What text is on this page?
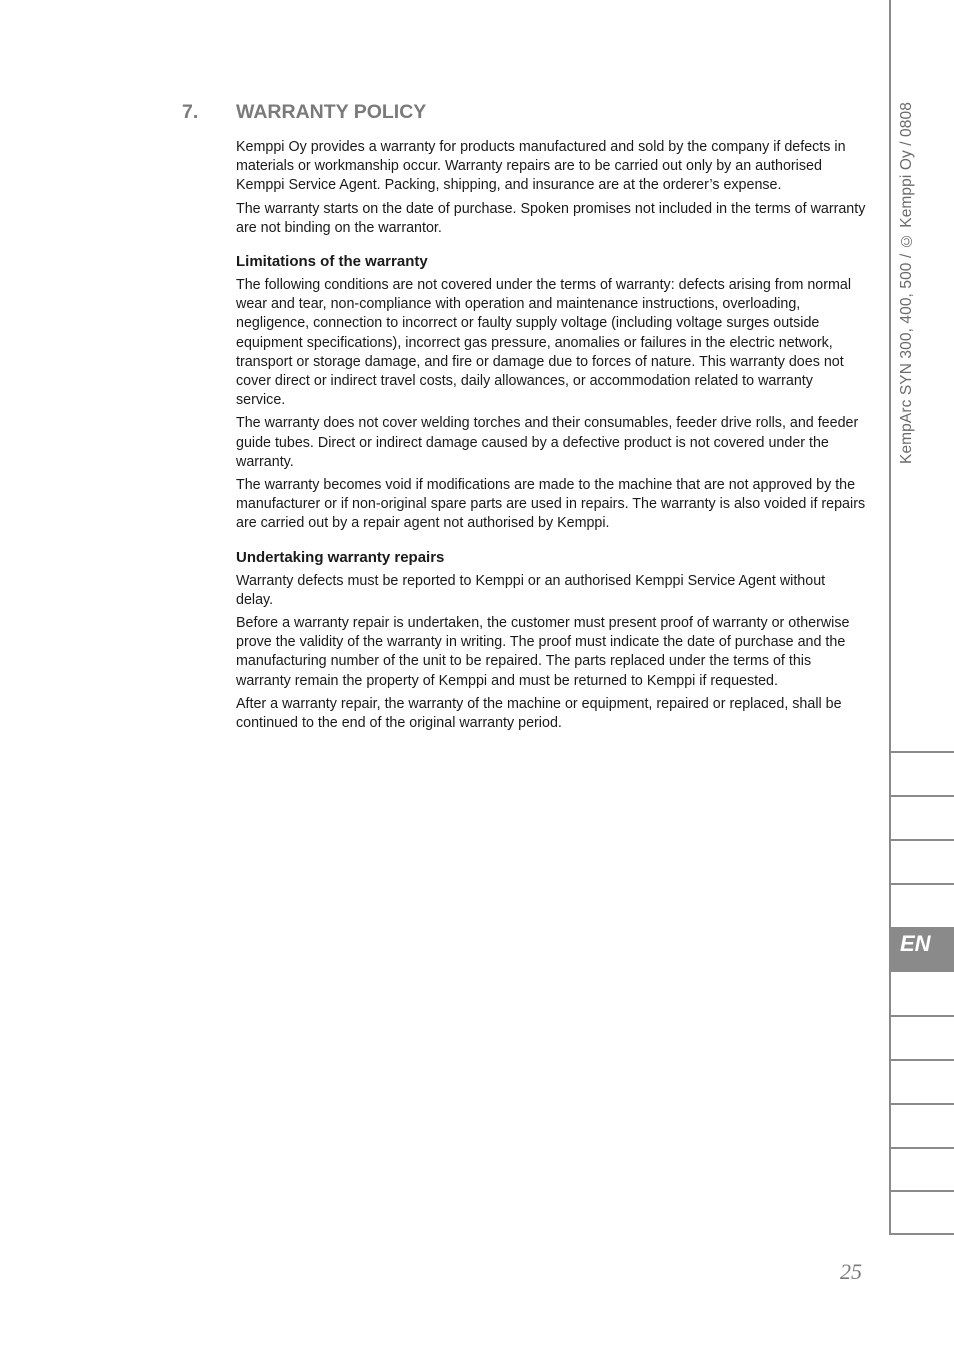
KempArc SYN 300, 400, 500 / © Kemppi Oy / 0808
EN
7. WARRANTY POLICY

Kemppi Oy provides a warranty for products manufactured and sold by the company if defects in materials or workmanship occur. Warranty repairs are to be carried out only by an authorised Kemppi Service Agent. Packing, shipping, and insurance are at the orderer’s expense.

The warranty starts on the date of purchase. Spoken promises not included in the terms of warranty are not binding on the warrantor.

Limitations of the warranty

The following conditions are not covered under the terms of warranty: defects arising from normal wear and tear, non-compliance with operation and maintenance instructions, overloading, negligence, connection to incorrect or faulty supply voltage (including voltage surges outside equipment specifications), incorrect gas pressure, anomalies or failures in the electric network, transport or storage damage, and fire or damage due to forces of nature. This warranty does not cover direct or indirect travel costs, daily allowances, or accommodation related to warranty service.

The warranty does not cover welding torches and their consumables, feeder drive rolls, and feeder guide tubes. Direct or indirect damage caused by a defective product is not covered under the warranty.

The warranty becomes void if modifications are made to the machine that are not approved by the manufacturer or if non-original spare parts are used in repairs. The warranty is also voided if repairs are carried out by a repair agent not authorised by Kemppi.

Undertaking warranty repairs

Warranty defects must be reported to Kemppi or an authorised Kemppi Service Agent without delay.

Before a warranty repair is undertaken, the customer must present proof of warranty or otherwise prove the validity of the warranty in writing. The proof must indicate the date of purchase and the manufacturing number of the unit to be repaired. The parts replaced under the terms of this warranty remain the property of Kemppi and must be returned to Kemppi if requested.

After a warranty repair, the warranty of the machine or equipment, repaired or replaced, shall be continued to the end of the original warranty period.

25
